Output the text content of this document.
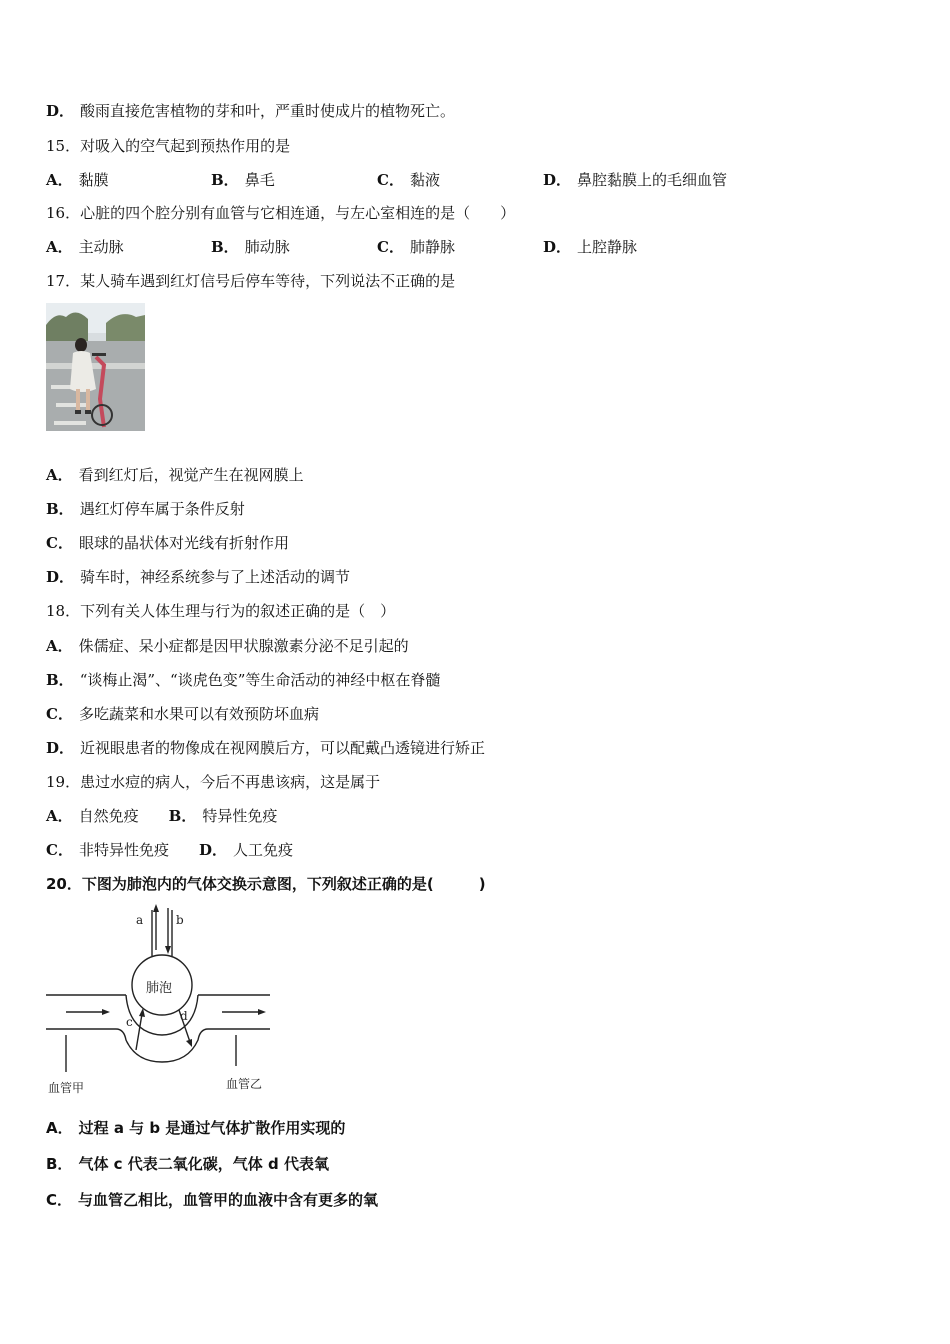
D． 酸雨直接危害植物的芽和叶，严重时使成片的植物死亡。
15．对吸入的空气起到预热作用的是
A． 黏膜	B． 鼻毛	C． 黏液	D． 鼻腔黏膜上的毛细血管
16．心脏的四个腔分别有血管与它相连通，与左心室相连的是（　　）
A． 主动脉	B． 肺动脉	C． 肺静脉	D． 上腔静脉
17．某人骑车遇到红灯信号后停车等待，下列说法不正确的是
A． 看到红灯后，视觉产生在视网膜上
B． 遇红灯停车属于条件反射
C． 眼球的晶状体对光线有折射作用
D． 骑车时，神经系统参与了上述活动的调节
18．下列有关人体生理与行为的叙述正确的是（　）
A． 侏儒症、呆小症都是因甲状腺激素分泌不足引起的
B． “谈梅止渴”、“谈虎色变”等生命活动的神经中枢在脊髓
C． 多吃蔬菜和水果可以有效预防坏血病
D． 近视眼患者的物像成在视网膜后方，可以配戴凸透镜进行矫正
19．患过水痘的病人，今后不再患该病，这是属于
A． 自然免疫 B． 特异性免疫
C． 非特异性免疫 D． 人工免疫
20．下图为肺泡内的气体交换示意图，下列叙述正确的是(　　　)
a	b
c	d
肺泡
血管甲	血管乙
A． 过程 a 与 b 是通过气体扩散作用实现的
B． 气体 c 代表二氧化碳，气体 d 代表氧
C． 与血管乙相比，血管甲的血液中含有更多的氧
